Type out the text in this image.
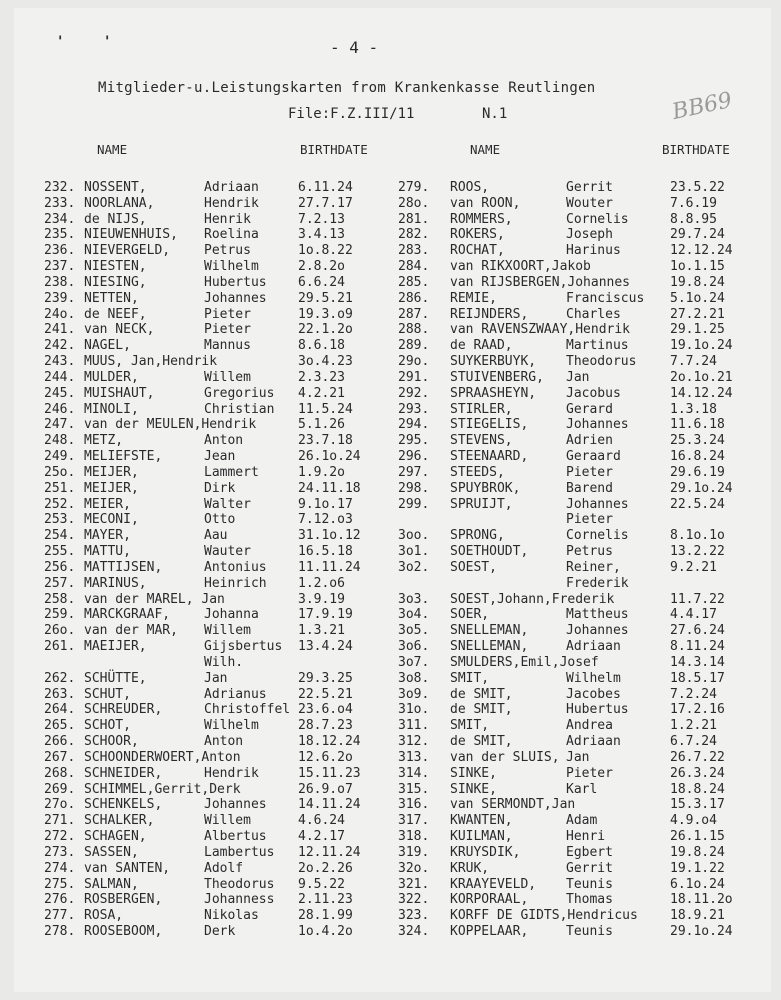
'	'	- 4 -
Mitglieder-u.Leistungskarten from Krankenkasse Reutlingen
File:F.Z.III/11	N.1	BB69
NAME	BIRTHDATE	NAME	BIRTHDATE
232. NOSSENT,	Adriaan	6.11.24
233. NOORLANA,	Hendrik	27.7.17
234. de NIJS,	Henrik	7.2.13
235. NIEUWENHUIS, Roelina	3.4.13
236. NIEVERGELD,	Petrus	1o.8.22
237. NIESTEN,	Wilhelm	2.8.2o
238. NIESING,	Hubertus 6.6.24
239. NETTEN,	Johannes 29.5.21
24o. de NEEF,	Pieter	19.3.o9
241. van NECK,	Pieter	22.1.2o
242. NAGEL,	Mannus	8.6.18
243. MUUS, Jan,Hendrik	3o.4.23
244. MULDER,	Willem	2.3.23
245. MUISHAUT,	Gregorius 4.2.21
246. MINOLI,	Christian 11.5.24
247. van der MEULEN,Hendrik	5.1.26
248. METZ,	Anton	23.7.18
249. MELIEFSTE,	Jean	26.1o.24
25o. MEIJER,	Lammert	1.9.2o
251. MEIJER,	Dirk	24.11.18
252. MEIER,	Walter	9.1o.17
253. MECONI,	Otto	7.12.o3
254. MAYER,	Aau	31.1o.12
255. MATTU,	Wauter	16.5.18
256. MATTIJSEN,	Antonius 11.11.24
257. MARINUS,	Heinrich 1.2.o6
258. van der MAREL, Jan	3.9.19
259. MARCKGRAAF,	Johanna	17.9.19
26o. van der MAR, Willem	1.3.21
261. MAEIJER,	Gijsbertus 13.4.24
Wilh.
262. SCHÜTTE,	Jan	29.3.25
263. SCHUT,	Adrianus 22.5.21
264. SCHREUDER,	Christoffel 23.6.o4
265. SCHOT,	Wilhelm	28.7.23
266. SCHOOR,	Anton	18.12.24
267. SCHOONDERWOERT,Anton	12.6.2o
268. SCHNEIDER,	Hendrik	15.11.23
269. SCHIMMEL,Gerrit,Derk	26.9.o7
27o. SCHENKELS,	Johannes 14.11.24
271. SCHALKER,	Willem	4.6.24
272. SCHAGEN,	Albertus 4.2.17
273. SASSEN,	Lambertus 12.11.24
274. van SANTEN,	Adolf	2o.2.26
275. SALMAN,	Theodorus 9.5.22
276. ROSBERGEN,	Johanness 2.11.23
277. ROSA,	Nikolas	28.1.99
278. ROOSEBOOM,	Derk	1o.4.2o
279. ROOS,	Gerrit	23.5.22
28o. van ROON,	Wouter	7.6.19
281. ROMMERS,	Cornelis	8.8.95
282. ROKERS,	Joseph	29.7.24
283. ROCHAT,	Harinus	12.12.24
284. van RIKXOORT,Jakob	1o.1.15
285. van RIJSBERGEN,Johannes	19.8.24
286. REMIE,	Franciscus 5.1o.24
287. REIJNDERS,	Charles	27.2.21
288. van RAVENSZWAAY,Hendrik	29.1.25
289. de RAAD,	Martinus	19.1o.24
29o. SUYKERBUYK, Theodorus	7.7.24
291. STUIVENBERG, Jan	2o.1o.21
292. SPRAASHEYN, Jacobus	14.12.24
293. STIRLER,	Gerard	1.3.18
294. STIEGELIS,	Johannes	11.6.18
295. STEVENS,	Adrien	25.3.24
296. STEENAARD,	Geraard	16.8.24
297. STEEDS,	Pieter	29.6.19
298. SPUYBROK,	Barend	29.1o.24
299. SPRUIJT,	Johannes	22.5.24
Pieter
3oo. SPRONG,	Cornelis	8.1o.1o
3o1. SOETHOUDT,	Petrus	13.2.22
3o2. SOEST,	Reiner,	9.2.21
Frederik
3o3. SOEST,Johann,Frederik	11.7.22
3o4. SOER,	Mattheus	4.4.17
3o5. SNELLEMAN,	Johannes	27.6.24
3o6. SNELLEMAN,	Adriaan	8.11.24
3o7. SMULDERS,Emil,Josef	14.3.14
3o8. SMIT,	Wilhelm	18.5.17
3o9. de SMIT,	Jacobes	7.2.24
31o. de SMIT,	Hubertus	17.2.16
311. SMIT,	Andrea	1.2.21
312. de SMIT,	Adriaan	6.7.24
313. van der SLUIS, Jan	26.7.22
314. SINKE,	Pieter	26.3.24
315. SINKE,	Karl	18.8.24
316. van SERMONDT,Jan	15.3.17
317. KWANTEN,	Adam	4.9.o4
318. KUILMAN,	Henri	26.1.15
319. KRUYSDIK,	Egbert	19.8.24
32o. KRUK,	Gerrit	19.1.22
321. KRAAYEVELD, Teunis	6.1o.24
322. KORPORAAL,	Thomas	18.11.2o
323. KORFF DE GIDTS,Hendricus 18.9.21
324. KOPPELAAR,	Teunis	29.1o.24
